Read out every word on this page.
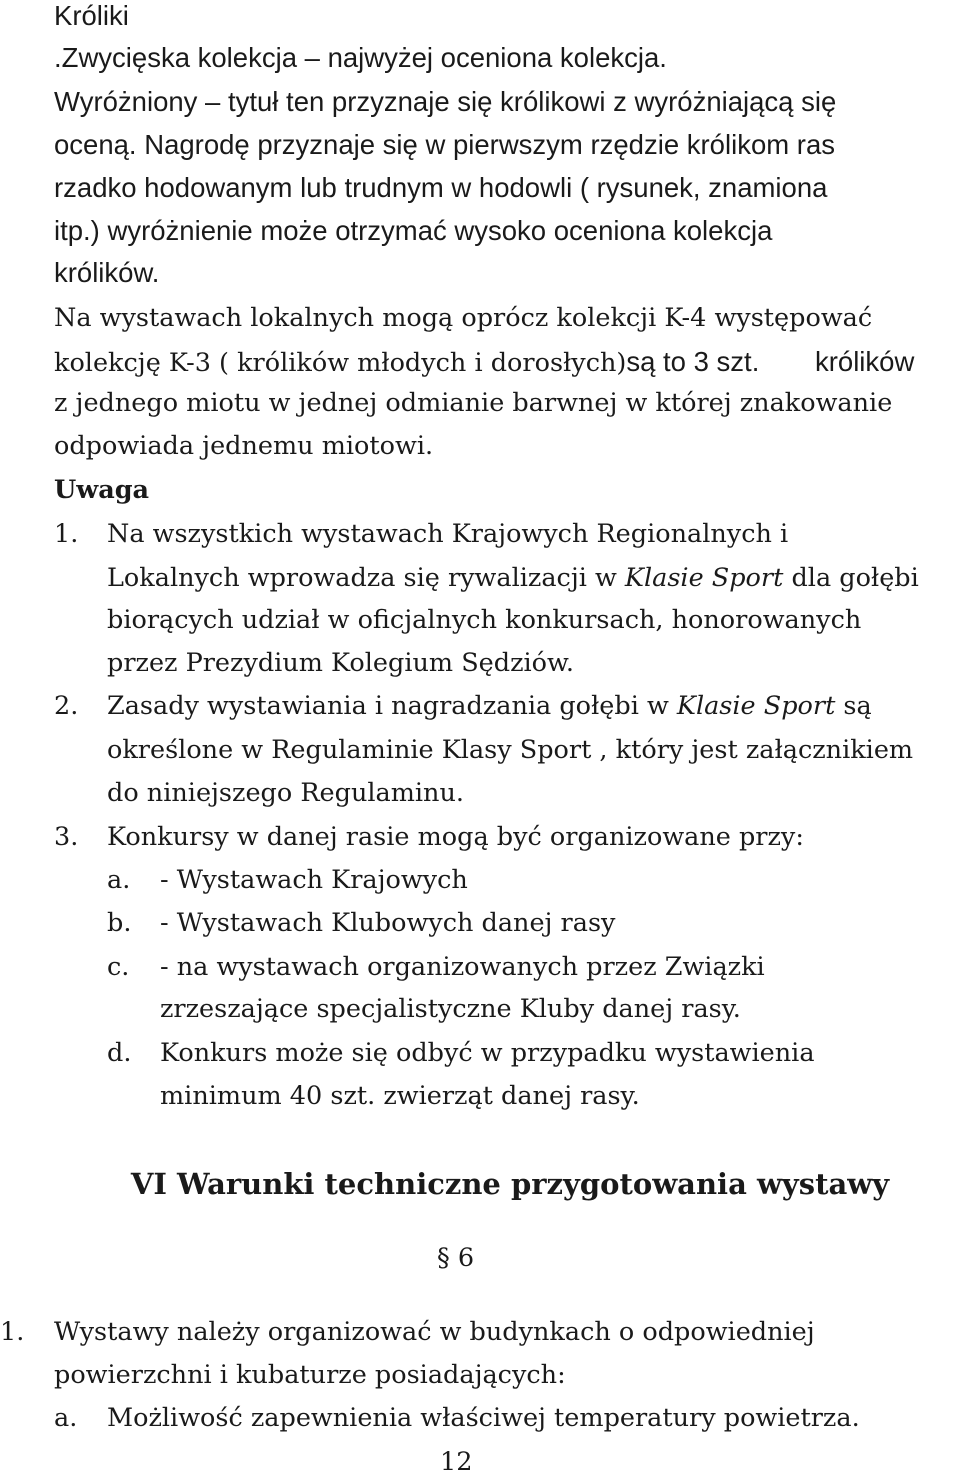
Króliki
.Zwycięska kolekcja – najwyżej oceniona kolekcja.
Wyróżniony – tytuł ten przyznaje się królikowi z wyróżniającą się
oceną. Nagrodę przyznaje się w pierwszym rzędzie królikom ras
rzadko hodowanym lub trudnym w hodowli ( rysunek, znamiona
itp.) wyróżnienie może otrzymać wysoko oceniona kolekcja
królików.
Na wystawach lokalnych mogą oprócz kolekcji K-4 występować
kolekcję K-3 ( królików młodych i dorosłych)są to 3 szt. królików
z jednego miotu w jednej odmianie barwnej w której znakowanie
odpowiada jednemu miotowi.
Uwaga
1. Na wszystkich wystawach Krajowych Regionalnych i
Lokalnych wprowadza się rywalizacji w Klasie Sport dla gołębi
biorących udział w oficjalnych konkursach, honorowanych
przez Prezydium Kolegium Sędziów.
2. Zasady wystawiania i nagradzania gołębi w Klasie Sport są
określone w Regulaminie Klasy Sport , który jest załącznikiem
do niniejszego Regulaminu.
3. Konkursy w danej rasie mogą być organizowane przy:
a. - Wystawach Krajowych
b. - Wystawach Klubowych danej rasy
c. - na wystawach organizowanych przez Związki
zrzeszające specjalistyczne Kluby danej rasy.
d. Konkurs może się odbyć w przypadku wystawienia
minimum 40 szt. zwierząt danej rasy.
VI Warunki techniczne przygotowania wystawy
§ 6
1. Wystawy należy organizować w budynkach o odpowiedniej
powierzchni i kubaturze posiadających:
a. Możliwość zapewnienia właściwej temperatury powietrza.
12
